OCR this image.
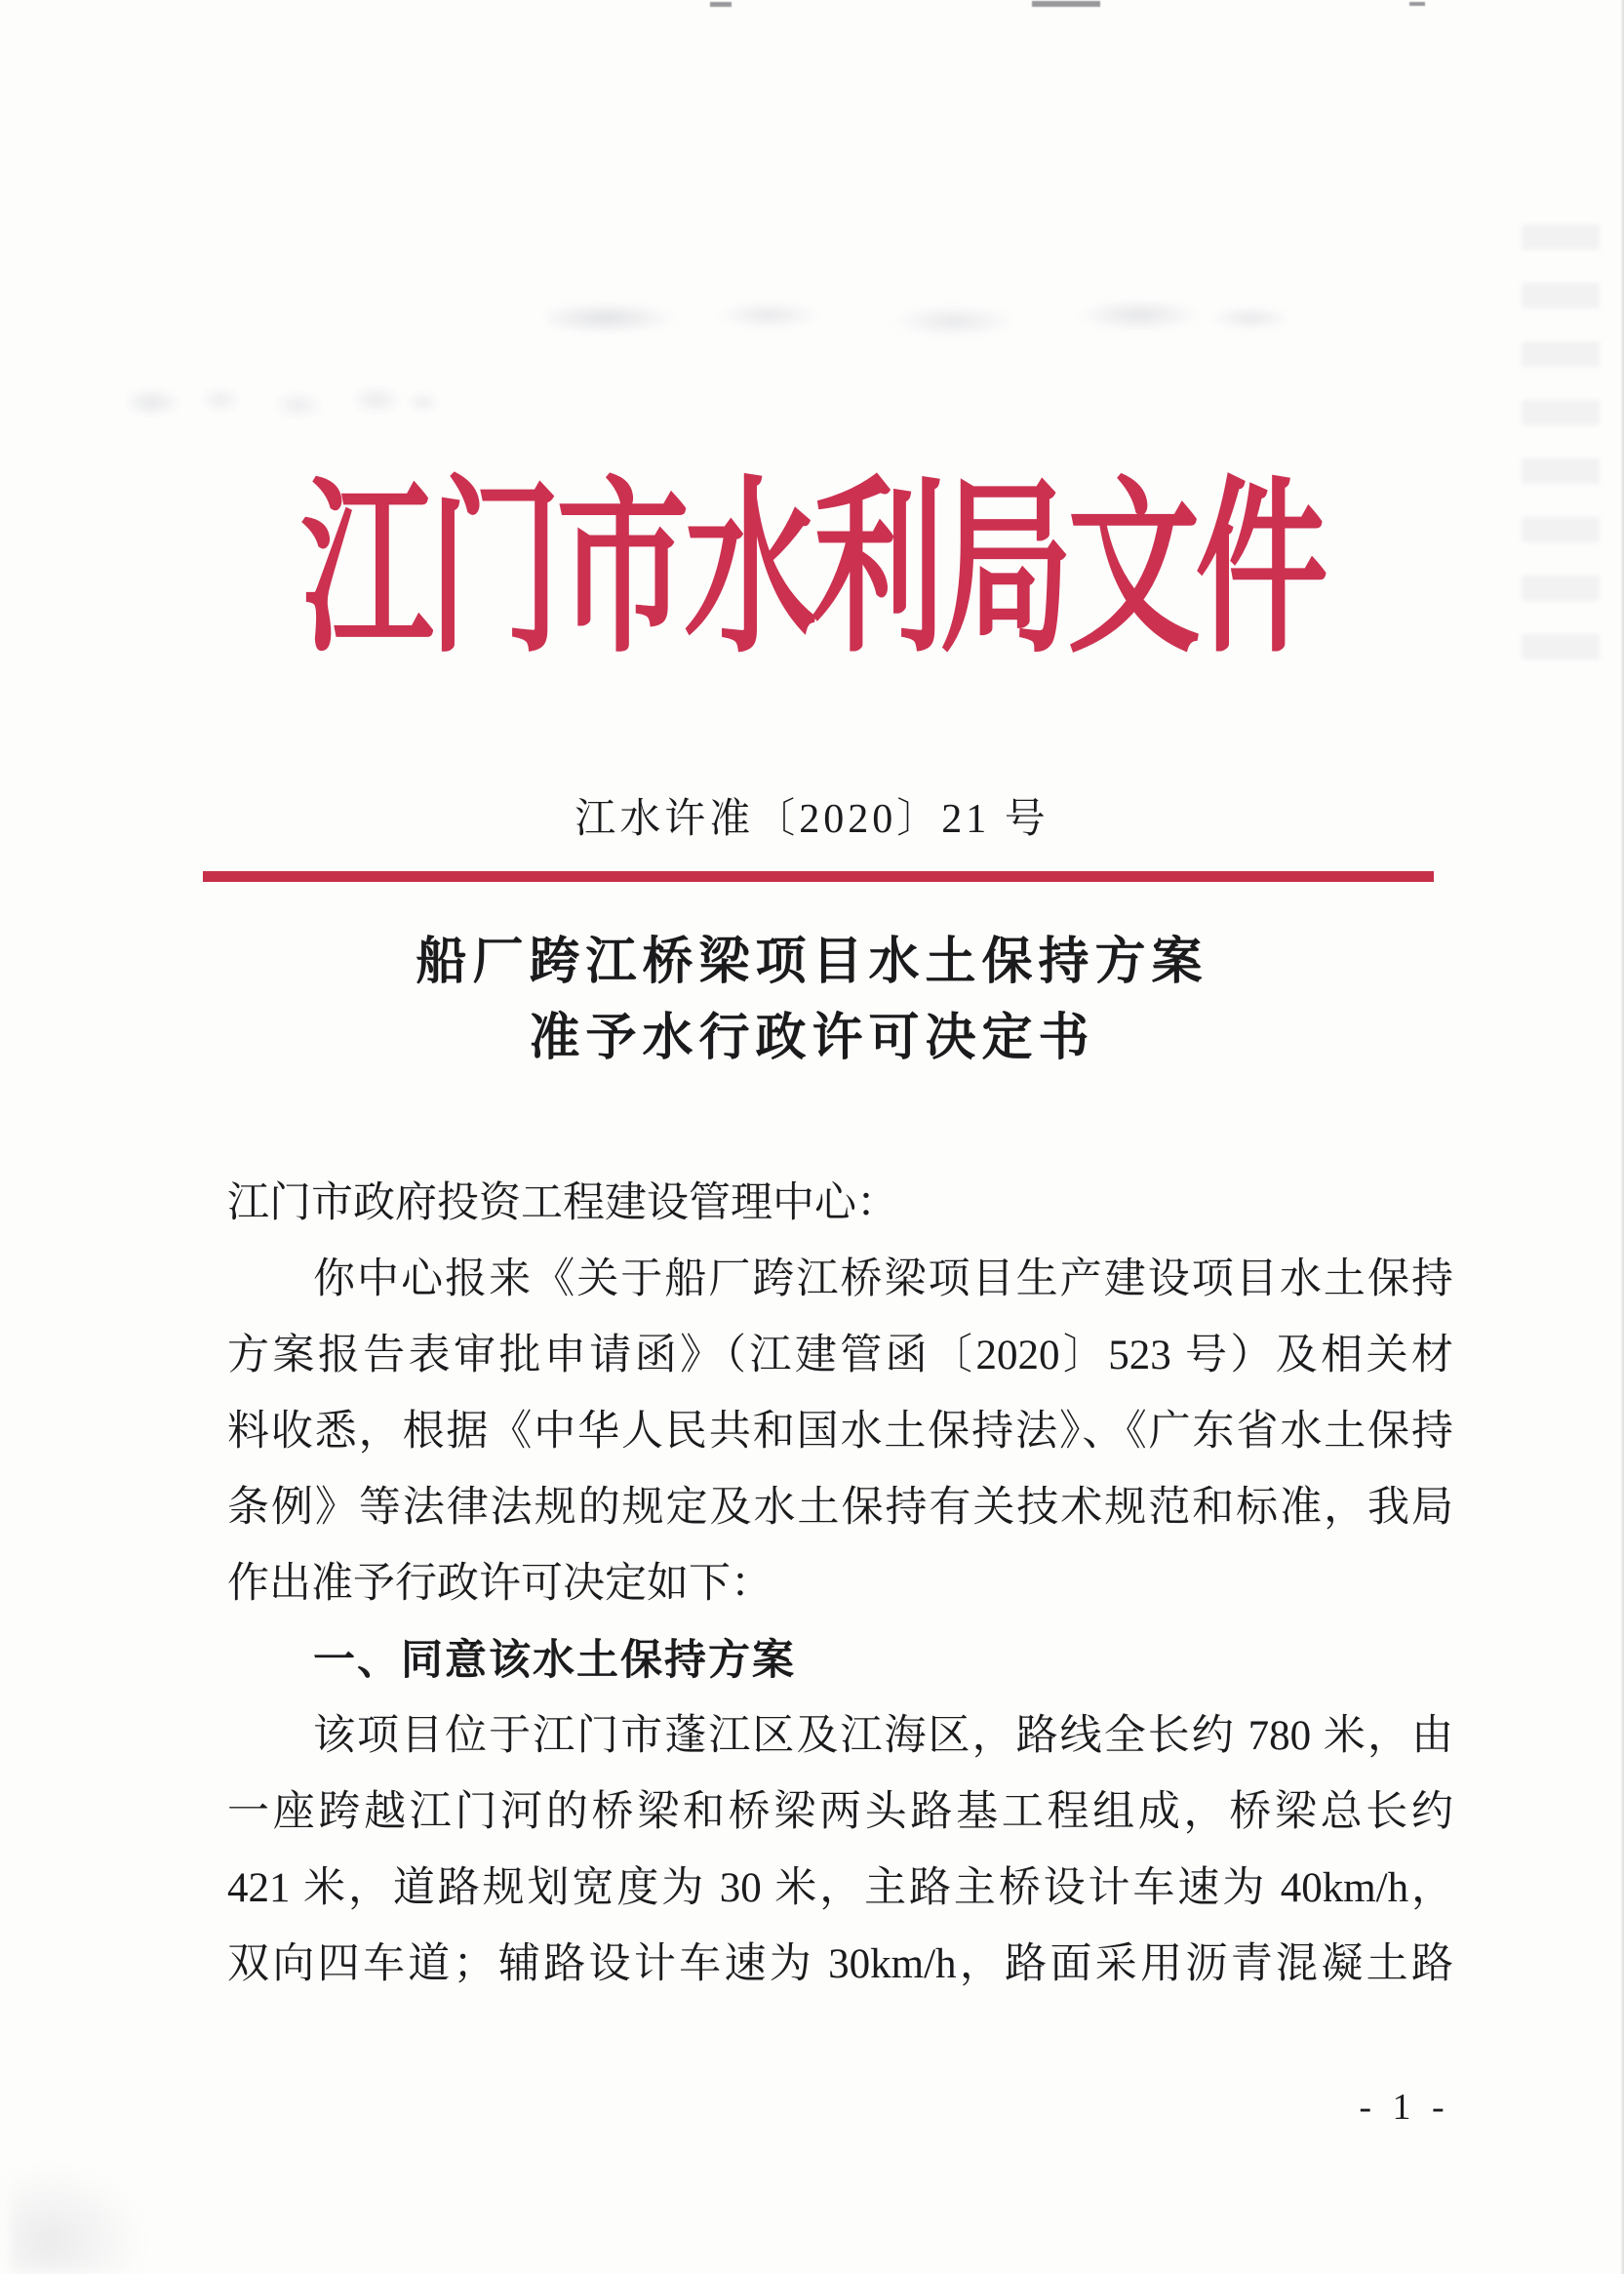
江门市水利局文件
江水许准〔2020〕21 号
船厂跨江桥梁项目水土保持方案
准予水行政许可决定书
江门市政府投资工程建设管理中心：
你中心报来《关于船厂跨江桥梁项目生产建设项目水土保持
方案报告表审批申请函》（江建管函〔2020〕523 号）及相关材
料收悉，根据《中华人民共和国水土保持法》、《广东省水土保持
条例》等法律法规的规定及水土保持有关技术规范和标准，我局
作出准予行政许可决定如下：
一、同意该水土保持方案
该项目位于江门市蓬江区及江海区，路线全长约 780 米，由
一座跨越江门河的桥梁和桥梁两头路基工程组成，桥梁总长约
421 米，道路规划宽度为 30 米，主路主桥设计车速为 40km/h，
双向四车道；辅路设计车速为 30km/h，路面采用沥青混凝土路
- 1 -
